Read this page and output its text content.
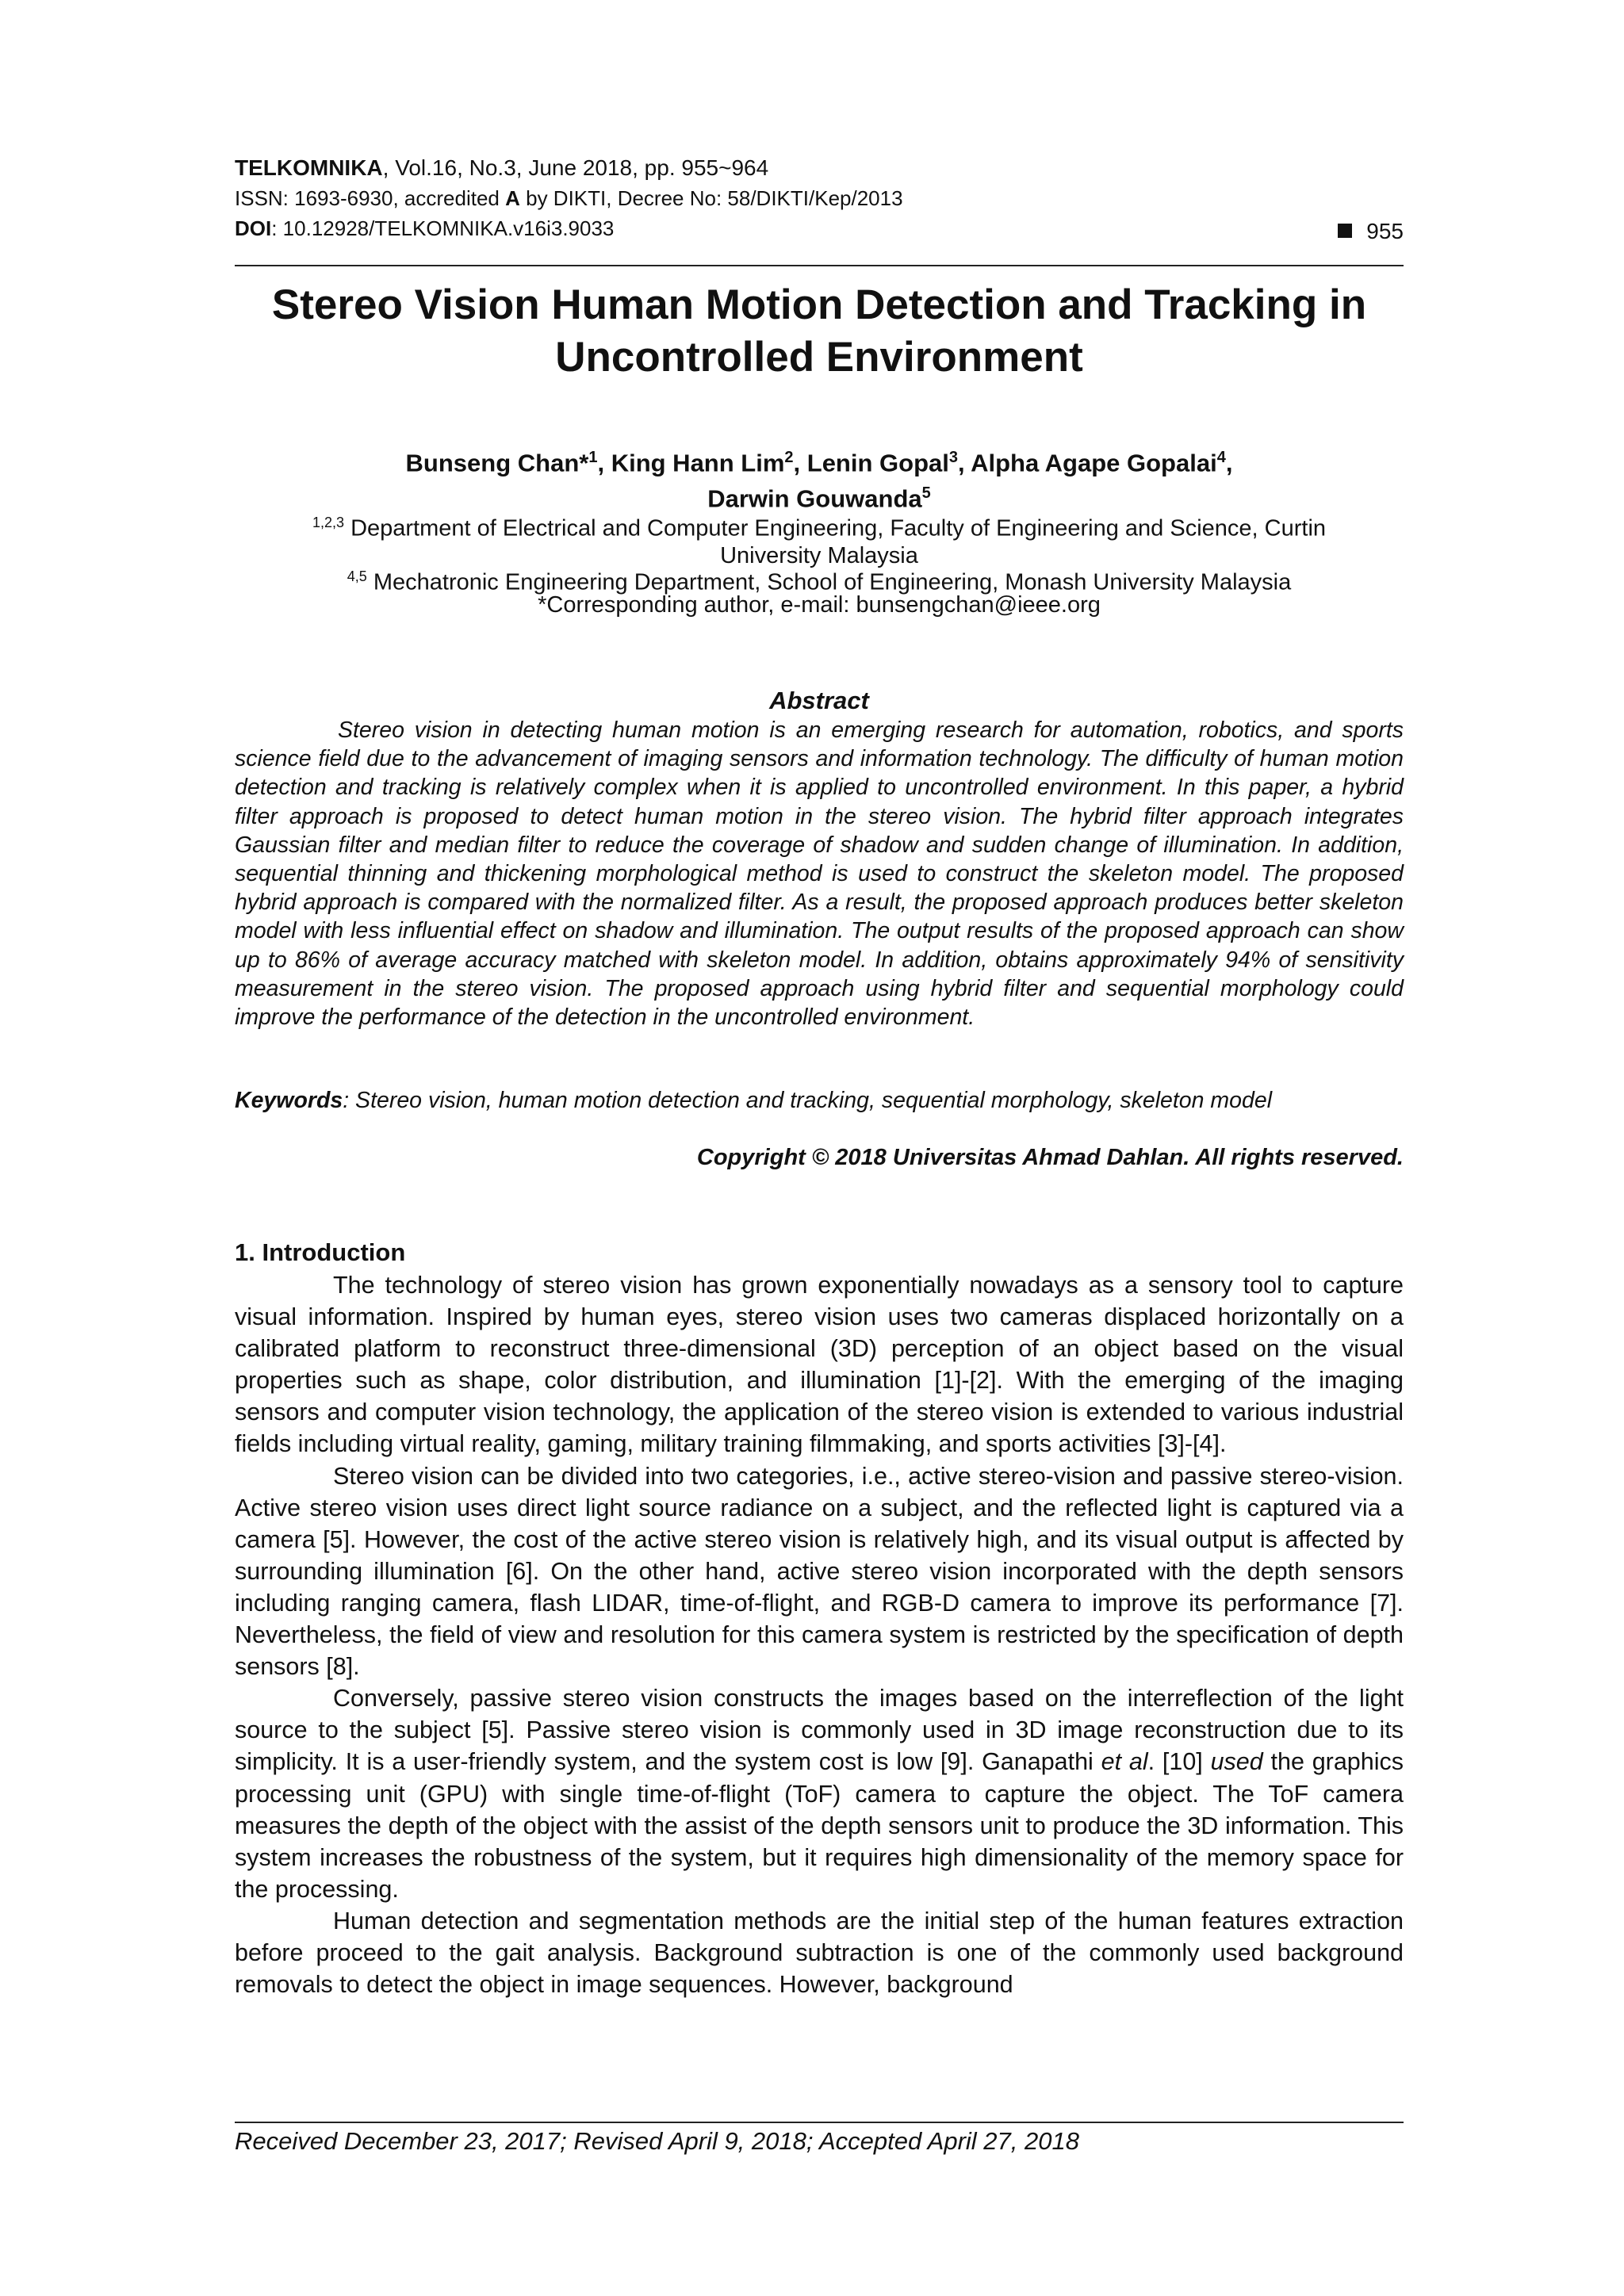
TELKOMNIKA, Vol.16, No.3, June 2018, pp. 955~964
ISSN: 1693-6930, accredited A by DIKTI, Decree No: 58/DIKTI/Kep/2013
DOI: 10.12928/TELKOMNIKA.v16i3.9033	955
Stereo Vision Human Motion Detection and Tracking in
Uncontrolled Environment
Bunseng Chan*$^1$, King Hann Lim$^2$, Lenin Gopal$^3$, Alpha Agape Gopalai$^4$,
Darwin Gouwanda$^5$
$^{1,2,3}$ Department of Electrical and Computer Engineering, Faculty of Engineering and Science, Curtin
University Malaysia
$^{4,5}$ Mechatronic Engineering Department, School of Engineering, Monash University Malaysia
*Corresponding author, e-mail: bunsengchan@ieee.org
Abstract
Stereo vision in detecting human motion is an emerging research for automation, robotics, and sports science field due to the advancement of imaging sensors and information technology. The difficulty of human motion detection and tracking is relatively complex when it is applied to uncontrolled environment. In this paper, a hybrid filter approach is proposed to detect human motion in the stereo vision. The hybrid filter approach integrates Gaussian filter and median filter to reduce the coverage of shadow and sudden change of illumination. In addition, sequential thinning and thickening morphological method is used to construct the skeleton model. The proposed hybrid approach is compared with the normalized filter. As a result, the proposed approach produces better skeleton model with less influential effect on shadow and illumination. The output results of the proposed approach can show up to 86% of average accuracy matched with skeleton model. In addition, obtains approximately 94% of sensitivity measurement in the stereo vision. The proposed approach using hybrid filter and sequential morphology could improve the performance of the detection in the uncontrolled environment.
Keywords: Stereo vision, human motion detection and tracking, sequential morphology, skeleton model
Copyright © 2018 Universitas Ahmad Dahlan. All rights reserved.
1. Introduction

The technology of stereo vision has grown exponentially nowadays as a sensory tool to capture visual information. Inspired by human eyes, stereo vision uses two cameras displaced horizontally on a calibrated platform to reconstruct three-dimensional (3D) perception of an object based on the visual properties such as shape, color distribution, and illumination [1]-[2]. With the emerging of the imaging sensors and computer vision technology, the application of the stereo vision is extended to various industrial fields including virtual reality, gaming, military training filmmaking, and sports activities [3]-[4].

Stereo vision can be divided into two categories, i.e., active stereo-vision and passive stereo-vision. Active stereo vision uses direct light source radiance on a subject, and the reflected light is captured via a camera [5]. However, the cost of the active stereo vision is relatively high, and its visual output is affected by surrounding illumination [6]. On the other hand, active stereo vision incorporated with the depth sensors including ranging camera, flash LIDAR, time-of-flight, and RGB-D camera to improve its performance [7]. Nevertheless, the field of view and resolution for this camera system is restricted by the specification of depth sensors [8].

Conversely, passive stereo vision constructs the images based on the interreflection of the light source to the subject [5]. Passive stereo vision is commonly used in 3D image reconstruction due to its simplicity. It is a user-friendly system, and the system cost is low [9]. Ganapathi et al. [10] used the graphics processing unit (GPU) with single time-of-flight (ToF) camera to capture the object. The ToF camera measures the depth of the object with the assist of the depth sensors unit to produce the 3D information. This system increases the robustness of the system, but it requires high dimensionality of the memory space for the processing.

Human detection and segmentation methods are the initial step of the human features extraction before proceed to the gait analysis. Background subtraction is one of the commonly used background removals to detect the object in image sequences. However, background

Received December 23, 2017; Revised April 9, 2018; Accepted April 27, 2018
